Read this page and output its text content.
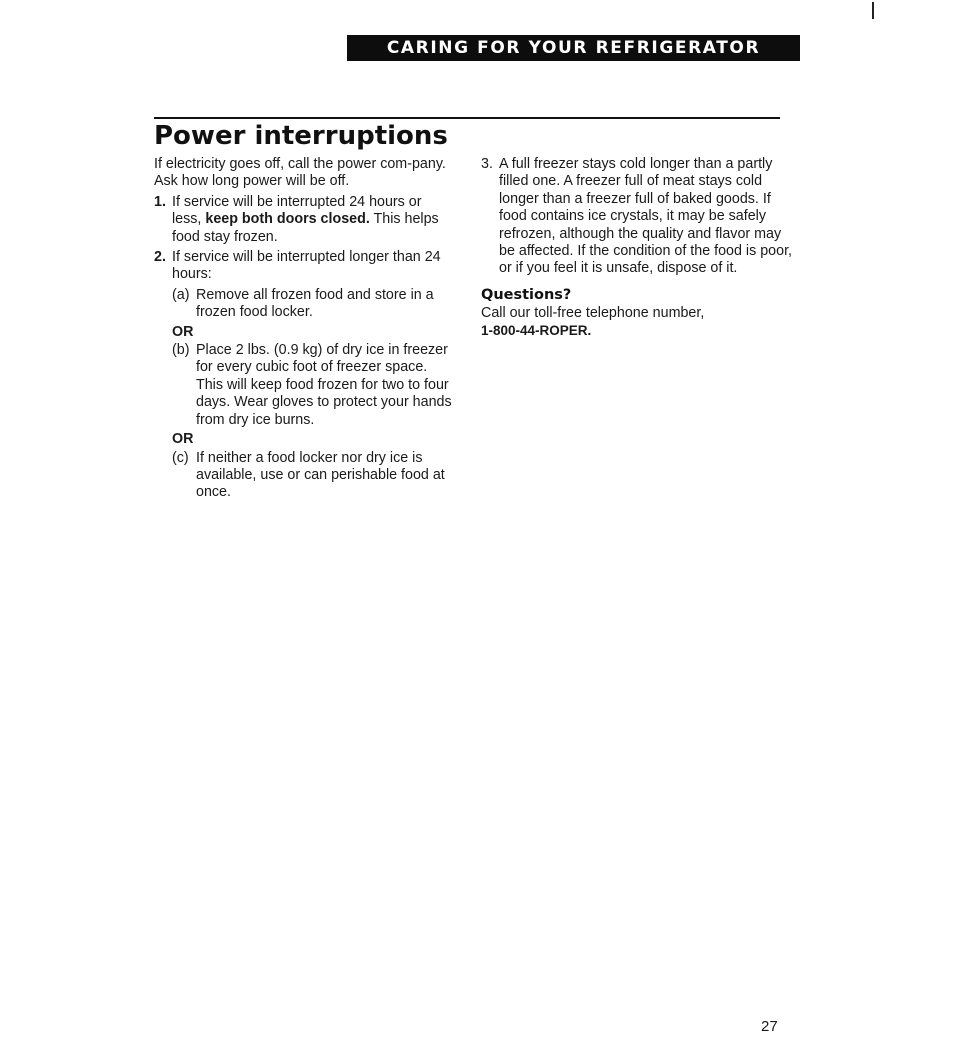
CARING FOR YOUR REFRIGERATOR
Power interruptions

If electricity goes off, call the power com-pany. Ask how long power will be off.

1. If service will be interrupted 24 hours or less, keep both doors closed. This helps food stay frozen.
2. If service will be interrupted longer than 24 hours:
(a) Remove all frozen food and store in a frozen food locker.
OR
(b) Place 2 lbs. (0.9 kg) of dry ice in freezer for every cubic foot of freezer space. This will keep food frozen for two to four days. Wear gloves to protect your hands from dry ice burns.
OR
(c) If neither a food locker nor dry ice is available, use or can perishable food at once.
3. A full freezer stays cold longer than a partly filled one. A freezer full of meat stays cold longer than a freezer full of baked goods. If food contains ice crystals, it may be safely refrozen, although the quality and flavor may be affected. If the condition of the food is poor, or if you feel it is unsafe, dispose of it.
Questions?

Call our toll-free telephone number,

1-800-44-ROPER.

27
